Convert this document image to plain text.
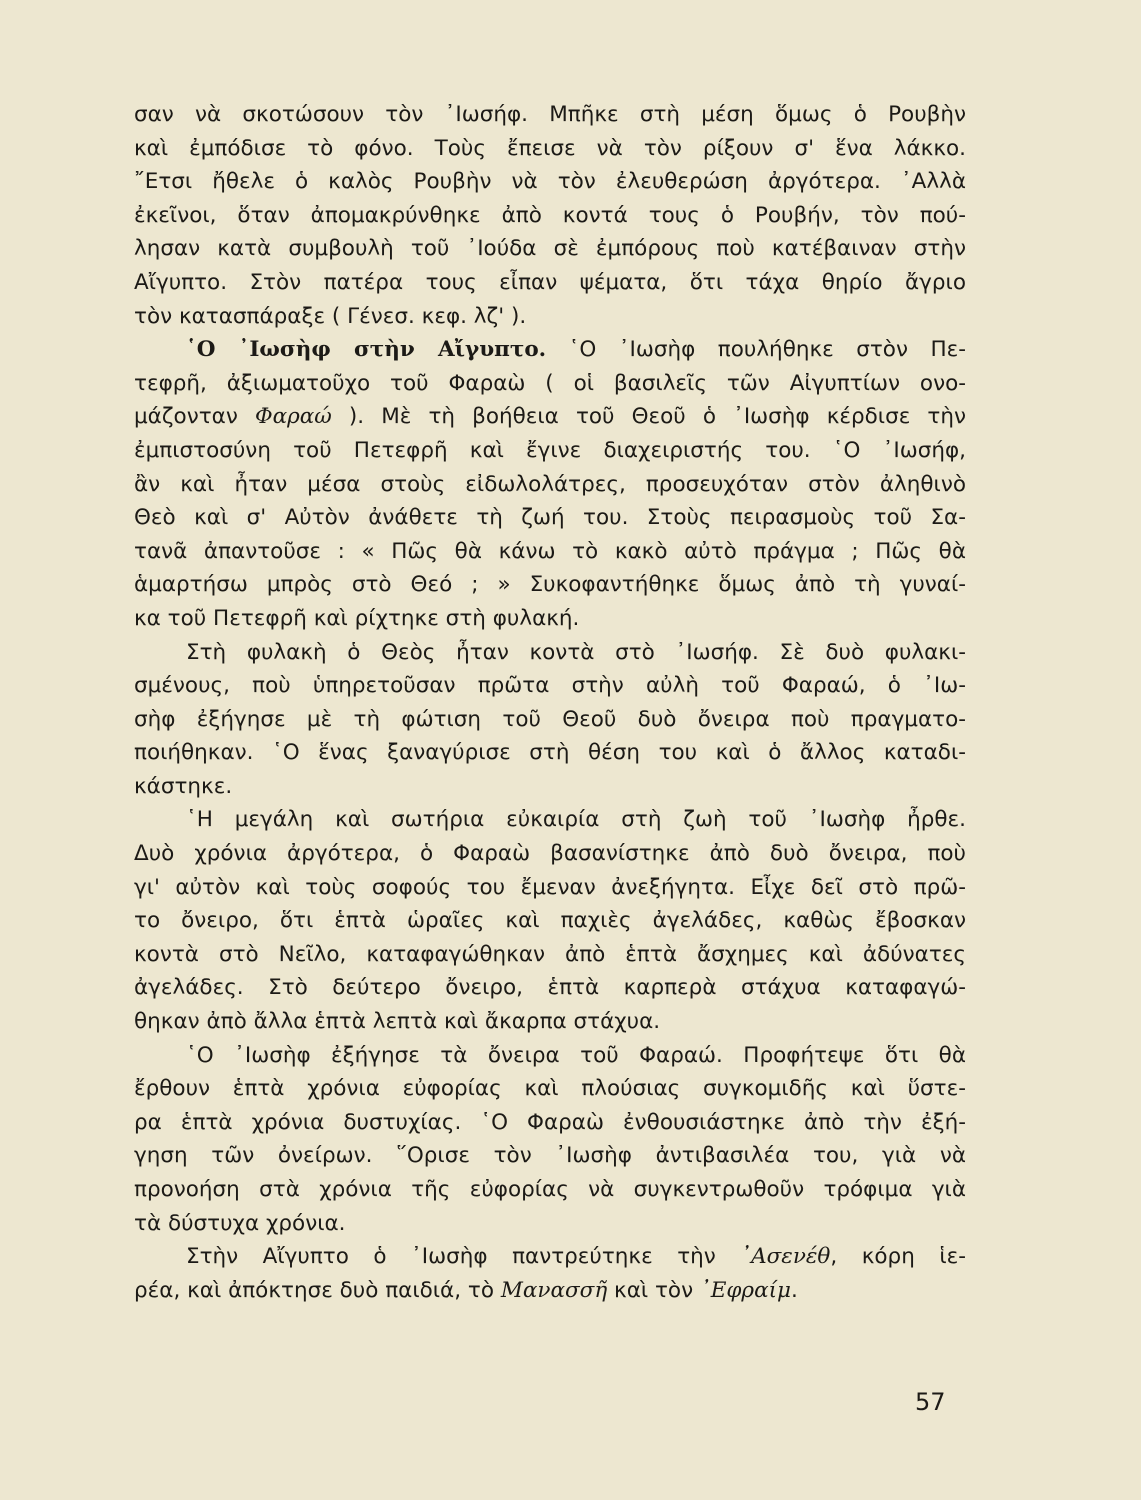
σαν νὰ σκοτώσουν τὸν ᾿Ιωσήφ. Μπῆκε στὴ μέση ὅμως ὁ Ρουβὴν
καὶ ἐμπόδισε τὸ φόνο. Τοὺς ἔπεισε νὰ τὸν ρίξουν σ' ἕνα λάκκο.
῎Ετσι ἤθελε ὁ καλὸς Ρουβὴν νὰ τὸν ἐλευθερώση ἀργότερα. ᾿Αλλὰ
ἐκεῖνοι, ὅταν ἀπομακρύνθηκε ἀπὸ κοντά τους ὁ Ρουβήν, τὸν πού-
λησαν κατὰ συμβουλὴ τοῦ ᾿Ιούδα σὲ ἐμπόρους ποὺ κατέβαιναν στὴν
Αἴγυπτο. Στὸν πατέρα τους εἶπαν ψέματα, ὅτι τάχα θηρίο ἄγριο
τὸν κατασπάραξε ( Γένεσ. κεφ. λζ' ).
῾Ο ᾿Ιωσὴφ στὴν Αἴγυπτο. ῾Ο ᾿Ιωσὴφ πουλήθηκε στὸν Πε-
τεφρῆ, ἀξιωματοῦχο τοῦ Φαραὼ ( οἱ βασιλεῖς τῶν Αἰγυπτίων ονο-
μάζονταν Φαραώ ). Μὲ τὴ βοήθεια τοῦ Θεοῦ ὁ ᾿Ιωσὴφ κέρδισε τὴν
ἐμπιστοσύνη τοῦ Πετεφρῆ καὶ ἔγινε διαχειριστής του. ῾Ο ᾿Ιωσήφ,
ἂν καὶ ἦταν μέσα στοὺς εἰδωλολάτρες, προσευχόταν στὸν ἀληθινὸ
Θεὸ καὶ σ' Αὐτὸν ἀνάθετε τὴ ζωή του. Στοὺς πειρασμοὺς τοῦ Σα-
τανᾶ ἀπαντοῦσε : « Πῶς θὰ κάνω τὸ κακὸ αὐτὸ πράγμα ; Πῶς θὰ
ἁμαρτήσω μπρὸς στὸ Θεό ; » Συκοφαντήθηκε ὅμως ἀπὸ τὴ γυναί-
κα τοῦ Πετεφρῆ καὶ ρίχτηκε στὴ φυλακή.
Στὴ φυλακὴ ὁ Θεὸς ἦταν κοντὰ στὸ ᾿Ιωσήφ. Σὲ δυὸ φυλακι-
σμένους, ποὺ ὑπηρετοῦσαν πρῶτα στὴν αὐλὴ τοῦ Φαραώ, ὁ ᾿Ιω-
σὴφ ἐξήγησε μὲ τὴ φώτιση τοῦ Θεοῦ δυὸ ὄνειρα ποὺ πραγματο-
ποιήθηκαν. ῾Ο ἕνας ξαναγύρισε στὴ θέση του καὶ ὁ ἄλλος καταδι-
κάστηκε.
῾Η μεγάλη καὶ σωτήρια εὐκαιρία στὴ ζωὴ τοῦ ᾿Ιωσὴφ ἦρθε.
Δυὸ χρόνια ἀργότερα, ὁ Φαραὼ βασανίστηκε ἀπὸ δυὸ ὄνειρα, ποὺ
γι' αὐτὸν καὶ τοὺς σοφούς του ἔμεναν ἀνεξήγητα. Εἶχε δεῖ στὸ πρῶ-
το ὄνειρο, ὅτι ἑπτὰ ὡραῖες καὶ παχιὲς ἀγελάδες, καθὼς ἔβοσκαν
κοντὰ στὸ Νεῖλο, καταφαγώθηκαν ἀπὸ ἑπτὰ ἄσχημες καὶ ἀδύνατες
ἀγελάδες. Στὸ δεύτερο ὄνειρο, ἑπτὰ καρπερὰ στάχυα καταφαγώ-
θηκαν ἀπὸ ἄλλα ἑπτὰ λεπτὰ καὶ ἄκαρπα στάχυα.
῾Ο ᾿Ιωσὴφ ἐξήγησε τὰ ὄνειρα τοῦ Φαραώ. Προφήτεψε ὅτι θὰ
ἔρθουν ἑπτὰ χρόνια εὐφορίας καὶ πλούσιας συγκομιδῆς καὶ ὕστε-
ρα ἑπτὰ χρόνια δυστυχίας. ῾Ο Φαραὼ ἐνθουσιάστηκε ἀπὸ τὴν ἐξή-
γηση τῶν ὀνείρων. ῞Ορισε τὸν ᾿Ιωσὴφ ἀντιβασιλέα του, γιὰ νὰ
προνοήση στὰ χρόνια τῆς εὐφορίας νὰ συγκεντρωθοῦν τρόφιμα γιὰ
τὰ δύστυχα χρόνια.
Στὴν Αἴγυπτο ὁ ᾿Ιωσὴφ παντρεύτηκε τὴν ᾿Ασενέθ, κόρη ἱε-
ρέα, καὶ ἀπόκτησε δυὸ παιδιά, τὸ Μανασσῆ καὶ τὸν ᾿Εφραίμ.
57
